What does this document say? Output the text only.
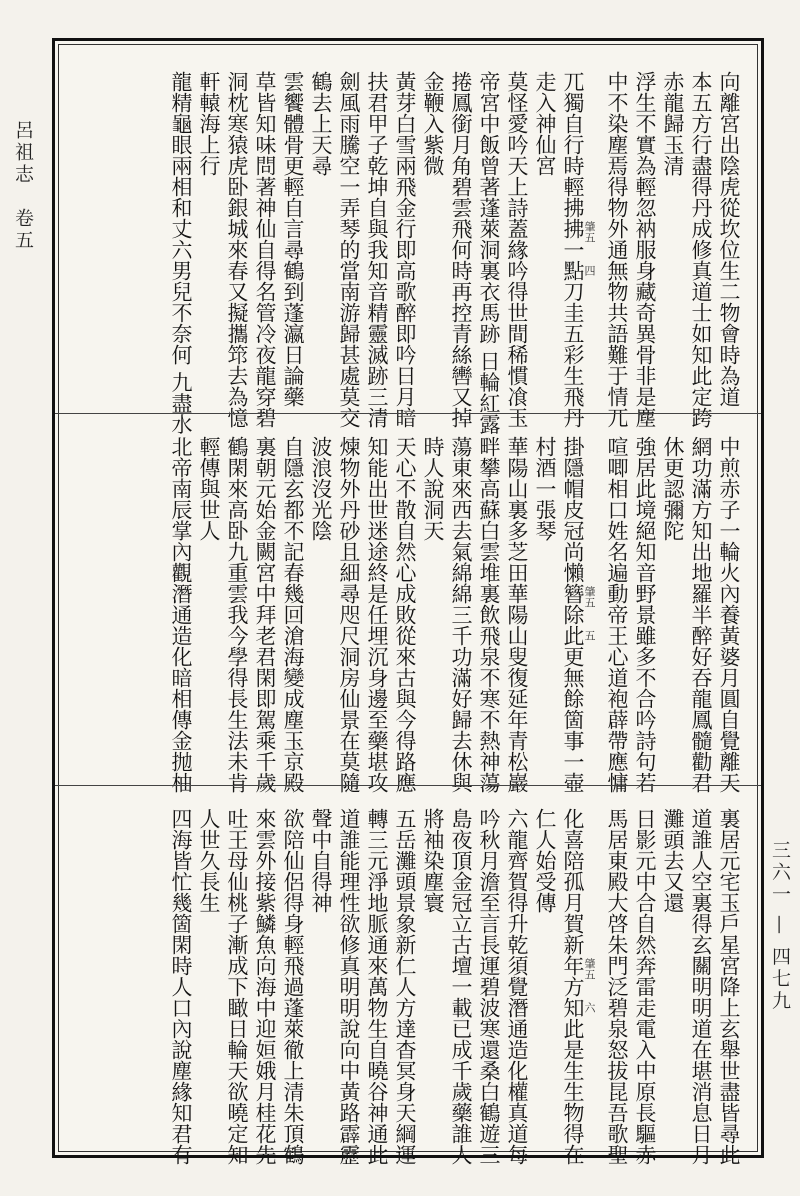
呂祖志　卷五
三六一 — 四七九
向離宮出陰虎從坎位生二物會時為道
本五方行盡得丹成修真道士如知此定跨
赤龍歸玉清
浮生不實為輕忽衲服身藏奇異骨非是塵
中不染塵焉得物外通無物共語難于情兀
肇五　　四
兀獨自行時輕拂拂一點刀圭五彩生飛丹
走入神仙宮
莫怪愛吟天上詩蓋緣吟得世間稀慣飡玉
帝宮中飯曾著蓬萊洞裏衣馬跡 日輪紅露
捲鳳銜月角碧雲飛何時再控青絲轡又掉
金鞭入紫微
黃芽白雪兩飛金行即高歌醉即吟日月暗
扶君甲子乾坤自與我知音精靈滅跡三清
劍風雨騰空一弄琴的當南游歸甚處莫交
鶴去上天尋
雲饗體骨更輕自言尋鶴到蓬瀛日論藥
草皆知味問著神仙自得名管冷夜龍穿碧
洞枕寒猿虎卧銀城來春又擬攜筇去為憶
軒轅海上行
龍精龜眼兩相和丈六男兒不奈何 九盡水
中煎赤子一輪火內養黃婆月圓自覺離天
網功滿方知出地羅半醉好吞龍鳳髓勸君
休更認彌陀
強居此境絕知音野景雖多不合吟詩句若
喧唧相口姓名遍動帝王心道袍薜帶應慵
肇五　　五
掛隱帽皮冠尚懶簪除此更無餘箇事一壺
村酒一張琴
華陽山裏多芝田華陽山叟復延年青松巖
畔攀高蘇白雲堆裏飲飛泉不寒不熱神蕩
蕩東來西去氣綿綿三千功滿好歸去休與
時人說洞天
天心不散自然心成敗從來古與今得路應
知能出世迷途終是任埋沉身邊至藥堪攻
煉物外丹砂且細尋咫尺洞房仙景在莫隨
波浪沒光陰
自隱玄都不記春幾回滄海變成塵玉京殿
裏朝元始金闕宮中拜老君閑即駕乘千歲
鶴閑來高卧九重雲我今學得長生法未肯
輕傳與世人
北帝南辰掌內觀潛通造化暗相傳金抛柚
裏居元宅玉戶星宮降上玄舉世盡皆尋此
道誰人空裏得玄關明明道在堪消息日月
灘頭去又還
日影元中合自然奔雷走電入中原長驅赤
馬居東殿大啓朱門泛碧泉怒拔昆吾歌聖
肇五　　六
化喜陪孤月賀新年方知此是生生物得在
仁人始受傳
六龍齊賀得升乾須覺潛通造化權真道每
吟秋月澹至言長運碧波寒還桑白鶴遊三
島夜頂金冠立古壇一載已成千歲藥誰人
將袖染塵寰
五岳灘頭景象新仁人方達杳冥身天綱運
轉三元淨地脈通來萬物生自曉谷神通此
道誰能理性欲修真明明說向中黃路霹靂
聲中自得神
欲陪仙侶得身輕飛過蓬萊徹上清朱頂鶴
來雲外接紫鱗魚向海中迎姮娥月桂花先
吐王母仙桃子漸成下瞰日輪天欲曉定知
人世久長生
四海皆忙幾箇閑時人口內說塵緣知君有
